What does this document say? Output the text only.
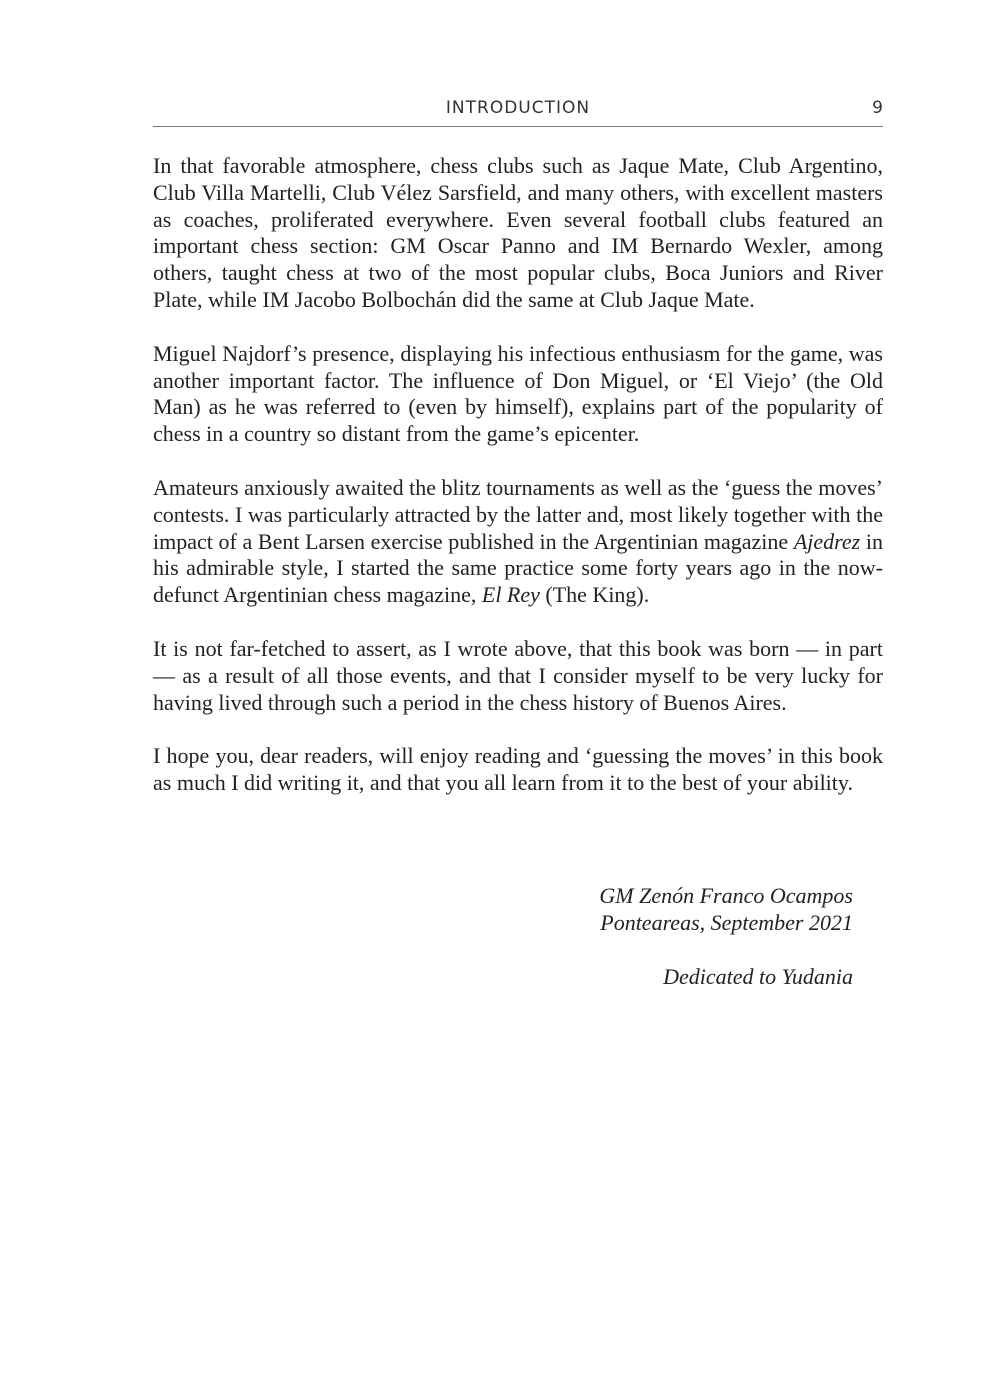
INTRODUCTION	9

In that favorable atmosphere, chess clubs such as Jaque Mate, Club Argentino, Club Villa Martelli, Club Vélez Sarsfield, and many others, with excellent masters as coaches, proliferated everywhere. Even several football clubs featured an important chess section: GM Oscar Panno and IM Bernardo Wexler, among others, taught chess at two of the most popular clubs, Boca Juniors and River Plate, while IM Jacobo Bolbochán did the same at Club Jaque Mate.

Miguel Najdorf’s presence, displaying his infectious enthusiasm for the game, was another important factor. The influence of Don Miguel, or ‘El Viejo’ (the Old Man) as he was referred to (even by himself), explains part of the popularity of chess in a country so distant from the game’s epicenter.

Amateurs anxiously awaited the blitz tournaments as well as the ‘guess the moves’ contests. I was particularly attracted by the latter and, most likely together with the impact of a Bent Larsen exercise published in the Argentinian magazine Ajedrez in his admirable style, I started the same practice some forty years ago in the now-defunct Argentinian chess magazine, El Rey (The King).

It is not far-fetched to assert, as I wrote above, that this book was born — in part — as a result of all those events, and that I consider myself to be very lucky for having lived through such a period in the chess history of Buenos Aires.

I hope you, dear readers, will enjoy reading and ‘guessing the moves’ in this book as much I did writing it, and that you all learn from it to the best of your ability.

GM Zenón Franco Ocampos
Ponteareas, September 2021
Dedicated to Yudania
